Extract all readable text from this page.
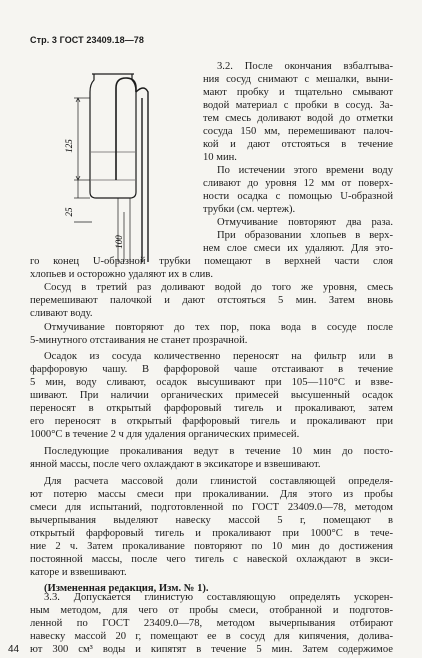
Стр. 3 ГОСТ 23409.18—78
125
25
100
3.2. После окончания взбалтыва-
ния сосуд снимают с мешалки, выни-
мают пробку и тщательно смывают
водой материал с пробки в сосуд. За-
тем смесь доливают водой до отметки
сосуда 150 мм, перемешивают палоч-
кой и дают отстояться в течение
10 мин.
По истечении этого времени воду
сливают до уровня 12 мм от поверх-
ности осадка с помощью U-образной
трубки (см. чертеж).
Отмучивание повторяют два раза.
При образовании хлопьев в верх-
нем слое смеси их удаляют. Для это-
го конец U-образной трубки помещают в верхней части слоя
хлопьев и осторожно удаляют их в слив.
Сосуд в третий раз доливают водой до того же уровня, смесь
перемешивают палочкой и дают отстояться 5 мин. Затем вновь
сливают воду.
Отмучивание повторяют до тех пор, пока вода в сосуде после
5-минутного отстаивания не станет прозрачной.
Осадок из сосуда количественно переносят на фильтр или в
фарфоровую чашу. В фарфоровой чаше отстаивают в течение
5 мин, воду сливают, осадок высушивают при 105—110°С и взве-
шивают. При наличии органических примесей высушенный осадок
переносят в открытый фарфоровый тигель и прокаливают, затем
его переносят в открытый фарфоровый тигель и прокаливают при
1000°С в течение 2 ч для удаления органических примесей.
Последующие прокаливания ведут в течение 10 мин до посто-
янной массы, после чего охлаждают в эксикаторе и взвешивают.
Для расчета массовой доли глинистой составляющей определя-
ют потерю массы смеси при прокаливании. Для этого из пробы
смеси для испытаний, подготовленной по ГОСТ 23409.0—78, методом
вычерпывания выделяют навеску массой 5 г, помещают в
открытый фарфоровый тигель и прокаливают при 1000°С в тече-
ние 2 ч. Затем прокаливание повторяют по 10 мин до достижения
постоянной массы, после чего тигель с навеской охлаждают в экси-
каторе и взвешивают.
(Измененная редакция, Изм. № 1).
3.3. Допускается глинистую составляющую определять ускорен-
ным методом, для чего от пробы смеси, отобранной и подготов-
ленной по ГОСТ 23409.0—78, методом вычерпывания отбирают
навеску массой 20 г, помещают ее в сосуд для кипячения, долива-
ют 300 см³ воды и кипятят в течение 5 мин. Затем содержимое
44
